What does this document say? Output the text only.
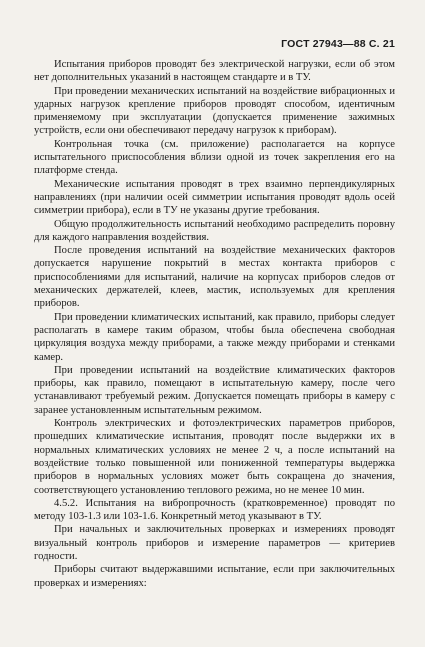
ГОСТ 27943—88 С. 21

Испытания приборов проводят без электрической нагрузки, если об этом нет дополнительных указаний в настоящем стандарте и в ТУ.

При проведении механических испытаний на воздействие вибрационных и ударных нагрузок крепление приборов проводят способом, идентичным применяемому при эксплуатации (допускается применение зажимных устройств, если они обеспечивают передачу нагрузок к приборам).

Контрольная точка (см. приложение) располагается на корпусе испытательного приспособления вблизи одной из точек закрепления его на платформе стенда.

Механические испытания проводят в трех взаимно перпендикулярных направлениях (при наличии осей симметрии испытания проводят вдоль осей симметрии прибора), если в ТУ не указаны другие требования.

Общую продолжительность испытаний необходимо распределить поровну для каждого направления воздействия.

После проведения испытаний на воздействие механических факторов допускается нарушение покрытий в местах контакта приборов с приспособлениями для испытаний, наличие на корпусах приборов следов от механических держателей, клеев, мастик, используемых для крепления приборов.

При проведении климатических испытаний, как правило, приборы следует располагать в камере таким образом, чтобы была обеспечена свободная циркуляция воздуха между приборами, а также между приборами и стенками камер.

При проведении испытаний на воздействие климатических факторов приборы, как правило, помещают в испытательную камеру, после чего устанавливают требуемый режим. Допускается помещать приборы в камеру с заранее установленным испытательным режимом.

Контроль электрических и фотоэлектрических параметров приборов, прошедших климатические испытания, проводят после выдержки их в нормальных климатических условиях не менее 2 ч, а после испытаний на воздействие только повышенной или пониженной температуры выдержка приборов в нормальных условиях может быть сокращена до значения, соответствующего установлению теплового режима, но не менее 10 мин.

4.5.2. Испытания на вибропрочность (кратковременное) проводят по методу 103-1.3 или 103-1.6. Конкретный метод указывают в ТУ.

При начальных и заключительных проверках и измерениях проводят визуальный контроль приборов и измерение параметров — критериев годности.

Приборы считают выдержавшими испытание, если при заключительных проверках и измерениях:
